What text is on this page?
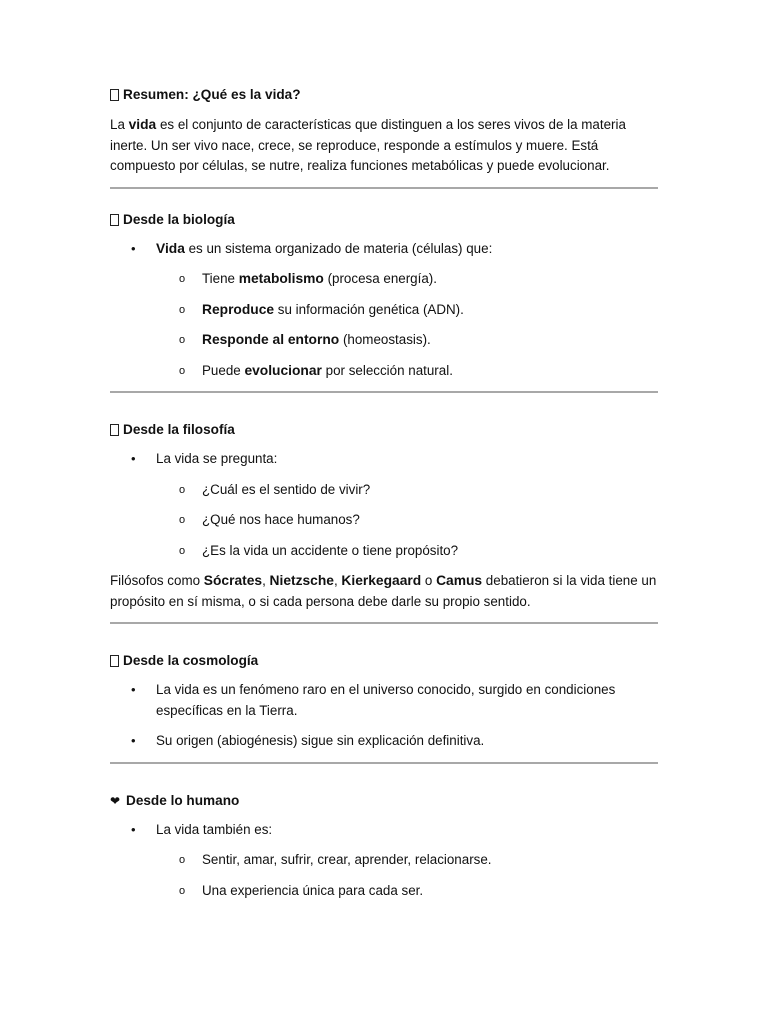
Resumen: ¿Qué es la vida?

La vida es el conjunto de características que distinguen a los seres vivos de la materia inerte. Un ser vivo nace, crece, se reproduce, responde a estímulos y muere. Está compuesto por células, se nutre, realiza funciones metabólicas y puede evolucionar.

Desde la biología
• Vida es un sistema organizado de materia (células) que:
o Tiene metabolismo (procesa energía).
o Reproduce su información genética (ADN).
o Responde al entorno (homeostasis).
o Puede evolucionar por selección natural.
Desde la filosofía
• La vida se pregunta:
o ¿Cuál es el sentido de vivir?
o ¿Qué nos hace humanos?
o ¿Es la vida un accidente o tiene propósito?

Filósofos como Sócrates, Nietzsche, Kierkegaard o Camus debatieron si la vida tiene un propósito en sí misma, o si cada persona debe darle su propio sentido.

Desde la cosmología
• La vida es un fenómeno raro en el universo conocido, surgido en condiciones específicas en la Tierra.
• Su origen (abiogénesis) sigue sin explicación definitiva.
❤ Desde lo humano
• La vida también es:
o Sentir, amar, sufrir, crear, aprender, relacionarse.
o Una experiencia única para cada ser.
